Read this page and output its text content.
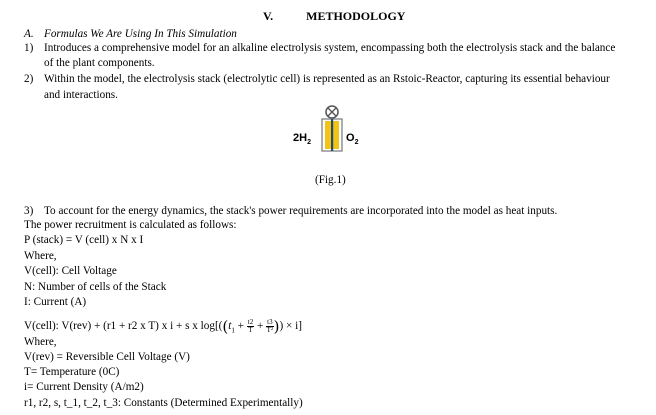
V.	METHODOLOGY
A. Formulas We Are Using In This Simulation
1) Introduces a comprehensive model for an alkaline electrolysis system, encompassing both the electrolysis stack and the balance
of the plant components.
2) Within the model, the electrolysis stack (electrolytic cell) is represented as an Rstoic-Reactor, capturing its essential behaviour
and interactions.
$2H_2$	$O_2$
(Fig.1)
3) To account for the energy dynamics, the stack's power requirements are incorporated into the model as heat inputs.
The power recruitment is calculated as follows:
P (stack) = V (cell) x N x I
Where,
V(cell): Cell Voltage
N: Number of cells of the Stack
I: Current (A)
V(cell): V(rev) + (r1 + r2 x T) x i + s x $\log[((t_1 + \frac{t2}{T} + \frac{t3}{\text{T²}}$ )) × i]
Where,
V(rev) = Reversible Cell Voltage (V)
T= Temperature (0C)
i= Current Density (A/m2)
r1, r2, s, t_1, t_2, t_3: Constants (Determined Experimentally)
